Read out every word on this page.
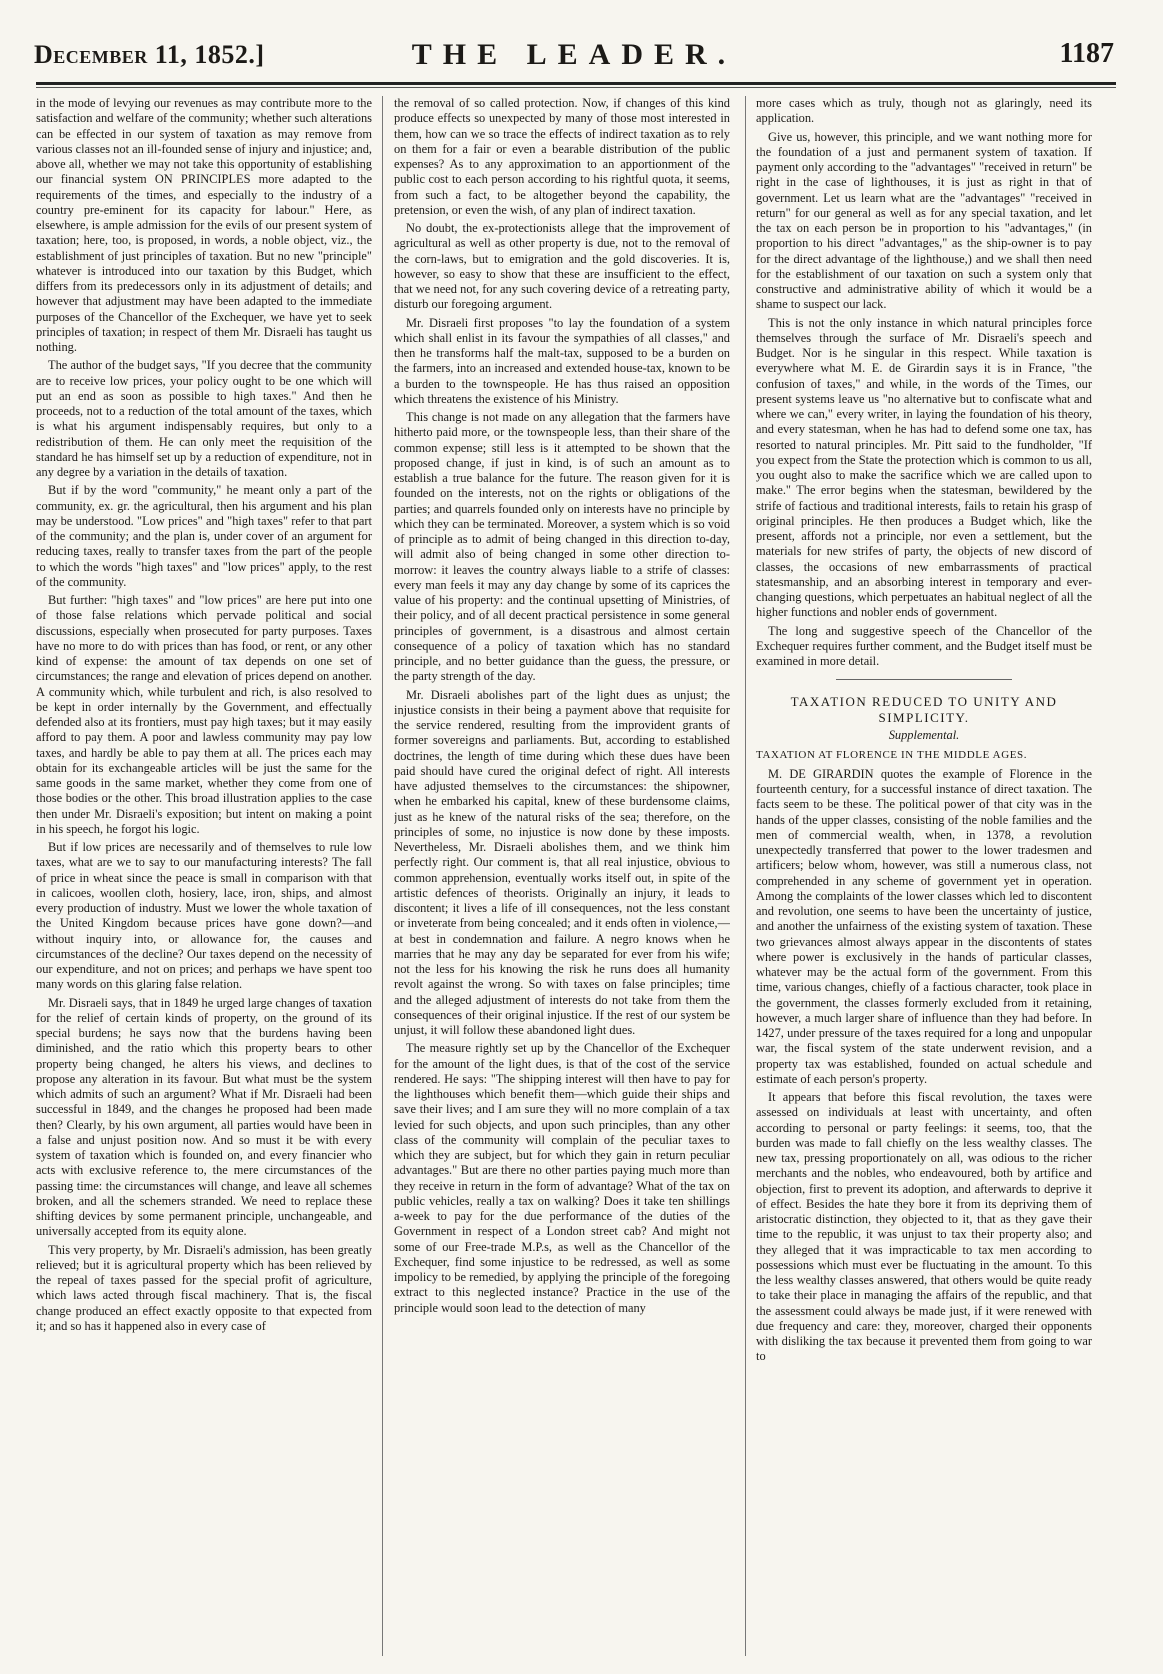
December 11, 1852.]	THE LEADER.	1187

in the mode of levying our revenues as may contribute more to the satisfaction and welfare of the community; whether such alterations can be effected in our system of taxation as may remove from various classes not an ill-founded sense of injury and injustice; and, above all, whether we may not take this opportunity of establishing our financial system ON PRINCIPLES more adapted to the requirements of the times, and especially to the industry of a country pre-eminent for its capacity for labour." Here, as elsewhere, is ample admission for the evils of our present system of taxation; here, too, is proposed, in words, a noble object, viz., the establishment of just principles of taxation. But no new "principle" whatever is introduced into our taxation by this Budget, which differs from its predecessors only in its adjustment of details; and however that adjustment may have been adapted to the immediate purposes of the Chancellor of the Exchequer, we have yet to seek principles of taxation; in respect of them Mr. Disraeli has taught us nothing.

The author of the budget says, "If you decree that the community are to receive low prices, your policy ought to be one which will put an end as soon as possible to high taxes." And then he proceeds, not to a reduction of the total amount of the taxes, which is what his argument indispensably requires, but only to a redistribution of them. He can only meet the requisition of the standard he has himself set up by a reduction of expenditure, not in any degree by a variation in the details of taxation.

But if by the word "community," he meant only a part of the community, ex. gr. the agricultural, then his argument and his plan may be understood. "Low prices" and "high taxes" refer to that part of the community; and the plan is, under cover of an argument for reducing taxes, really to transfer taxes from the part of the people to which the words "high taxes" and "low prices" apply, to the rest of the community.

But further: "high taxes" and "low prices" are here put into one of those false relations which pervade political and social discussions, especially when prosecuted for party purposes. Taxes have no more to do with prices than has food, or rent, or any other kind of expense: the amount of tax depends on one set of circumstances; the range and elevation of prices depend on another. A community which, while turbulent and rich, is also resolved to be kept in order internally by the Government, and effectually defended also at its frontiers, must pay high taxes; but it may easily afford to pay them. A poor and lawless community may pay low taxes, and hardly be able to pay them at all. The prices each may obtain for its exchangeable articles will be just the same for the same goods in the same market, whether they come from one of those bodies or the other. This broad illustration applies to the case then under Mr. Disraeli's exposition; but intent on making a point in his speech, he forgot his logic.

But if low prices are necessarily and of themselves to rule low taxes, what are we to say to our manufacturing interests? The fall of price in wheat since the peace is small in comparison with that in calicoes, woollen cloth, hosiery, lace, iron, ships, and almost every production of industry. Must we lower the whole taxation of the United Kingdom because prices have gone down?—and without inquiry into, or allowance for, the causes and circumstances of the decline? Our taxes depend on the necessity of our expenditure, and not on prices; and perhaps we have spent too many words on this glaring false relation.

Mr. Disraeli says, that in 1849 he urged large changes of taxation for the relief of certain kinds of property, on the ground of its special burdens; he says now that the burdens having been diminished, and the ratio which this property bears to other property being changed, he alters his views, and declines to propose any alteration in its favour. But what must be the system which admits of such an argument? What if Mr. Disraeli had been successful in 1849, and the changes he proposed had been made then? Clearly, by his own argument, all parties would have been in a false and unjust position now. And so must it be with every system of taxation which is founded on, and every financier who acts with exclusive reference to, the mere circumstances of the passing time: the circumstances will change, and leave all schemes broken, and all the schemers stranded. We need to replace these shifting devices by some permanent principle, unchangeable, and universally accepted from its equity alone.

This very property, by Mr. Disraeli's admission, has been greatly relieved; but it is agricultural property which has been relieved by the repeal of taxes passed for the special profit of agriculture, which laws acted through fiscal machinery. That is, the fiscal change produced an effect exactly opposite to that expected from it; and so has it happened also in every case of

the removal of so called protection. Now, if changes of this kind produce effects so unexpected by many of those most interested in them, how can we so trace the effects of indirect taxation as to rely on them for a fair or even a bearable distribution of the public expenses? As to any approximation to an apportionment of the public cost to each person according to his rightful quota, it seems, from such a fact, to be altogether beyond the capability, the pretension, or even the wish, of any plan of indirect taxation.

No doubt, the ex-protectionists allege that the improvement of agricultural as well as other property is due, not to the removal of the corn-laws, but to emigration and the gold discoveries. It is, however, so easy to show that these are insufficient to the effect, that we need not, for any such covering device of a retreating party, disturb our foregoing argument.

Mr. Disraeli first proposes "to lay the foundation of a system which shall enlist in its favour the sympathies of all classes," and then he transforms half the malt-tax, supposed to be a burden on the farmers, into an increased and extended house-tax, known to be a burden to the townspeople. He has thus raised an opposition which threatens the existence of his Ministry.

This change is not made on any allegation that the farmers have hitherto paid more, or the townspeople less, than their share of the common expense; still less is it attempted to be shown that the proposed change, if just in kind, is of such an amount as to establish a true balance for the future. The reason given for it is founded on the interests, not on the rights or obligations of the parties; and quarrels founded only on interests have no principle by which they can be terminated. Moreover, a system which is so void of principle as to admit of being changed in this direction to-day, will admit also of being changed in some other direction to-morrow: it leaves the country always liable to a strife of classes: every man feels it may any day change by some of its caprices the value of his property: and the continual upsetting of Ministries, of their policy, and of all decent practical persistence in some general principles of government, is a disastrous and almost certain consequence of a policy of taxation which has no standard principle, and no better guidance than the guess, the pressure, or the party strength of the day.

Mr. Disraeli abolishes part of the light dues as unjust; the injustice consists in their being a payment above that requisite for the service rendered, resulting from the improvident grants of former sovereigns and parliaments. But, according to established doctrines, the length of time during which these dues have been paid should have cured the original defect of right. All interests have adjusted themselves to the circumstances: the shipowner, when he embarked his capital, knew of these burdensome claims, just as he knew of the natural risks of the sea; therefore, on the principles of some, no injustice is now done by these imposts. Nevertheless, Mr. Disraeli abolishes them, and we think him perfectly right. Our comment is, that all real injustice, obvious to common apprehension, eventually works itself out, in spite of the artistic defences of theorists. Originally an injury, it leads to discontent; it lives a life of ill consequences, not the less constant or inveterate from being concealed; and it ends often in violence,—at best in condemnation and failure. A negro knows when he marries that he may any day be separated for ever from his wife; not the less for his knowing the risk he runs does all humanity revolt against the wrong. So with taxes on false principles; time and the alleged adjustment of interests do not take from them the consequences of their original injustice. If the rest of our system be unjust, it will follow these abandoned light dues.

The measure rightly set up by the Chancellor of the Exchequer for the amount of the light dues, is that of the cost of the service rendered. He says: "The shipping interest will then have to pay for the lighthouses which benefit them—which guide their ships and save their lives; and I am sure they will no more complain of a tax levied for such objects, and upon such principles, than any other class of the community will complain of the peculiar taxes to which they are subject, but for which they gain in return peculiar advantages." But are there no other parties paying much more than they receive in return in the form of advantage? What of the tax on public vehicles, really a tax on walking? Does it take ten shillings a-week to pay for the due performance of the duties of the Government in respect of a London street cab? And might not some of our Free-trade M.P.s, as well as the Chancellor of the Exchequer, find some injustice to be redressed, as well as some impolicy to be remedied, by applying the principle of the foregoing extract to this neglected instance? Practice in the use of the principle would soon lead to the detection of many

more cases which as truly, though not as glaringly, need its application.

Give us, however, this principle, and we want nothing more for the foundation of a just and permanent system of taxation. If payment only according to the "advantages" "received in return" be right in the case of lighthouses, it is just as right in that of government. Let us learn what are the "advantages" "received in return" for our general as well as for any special taxation, and let the tax on each person be in proportion to his "advantages," (in proportion to his direct "advantages," as the ship-owner is to pay for the direct advantage of the lighthouse,) and we shall then need for the establishment of our taxation on such a system only that constructive and administrative ability of which it would be a shame to suspect our lack.

This is not the only instance in which natural principles force themselves through the surface of Mr. Disraeli's speech and Budget. Nor is he singular in this respect. While taxation is everywhere what M. E. de Girardin says it is in France, "the confusion of taxes," and while, in the words of the Times, our present systems leave us "no alternative but to confiscate what and where we can," every writer, in laying the foundation of his theory, and every statesman, when he has had to defend some one tax, has resorted to natural principles. Mr. Pitt said to the fundholder, "If you expect from the State the protection which is common to us all, you ought also to make the sacrifice which we are called upon to make." The error begins when the statesman, bewildered by the strife of factious and traditional interests, fails to retain his grasp of original principles. He then produces a Budget which, like the present, affords not a principle, nor even a settlement, but the materials for new strifes of party, the objects of new discord of classes, the occasions of new embarrassments of practical statesmanship, and an absorbing interest in temporary and ever-changing questions, which perpetuates an habitual neglect of all the higher functions and nobler ends of government.

The long and suggestive speech of the Chancellor of the Exchequer requires further comment, and the Budget itself must be examined in more detail.

TAXATION REDUCED TO UNITY AND SIMPLICITY.

Supplemental.

TAXATION AT FLORENCE IN THE MIDDLE AGES.

M. DE GIRARDIN quotes the example of Florence in the fourteenth century, for a successful instance of direct taxation. The facts seem to be these. The political power of that city was in the hands of the upper classes, consisting of the noble families and the men of commercial wealth, when, in 1378, a revolution unexpectedly transferred that power to the lower tradesmen and artificers; below whom, however, was still a numerous class, not comprehended in any scheme of government yet in operation. Among the complaints of the lower classes which led to discontent and revolution, one seems to have been the uncertainty of justice, and another the unfairness of the existing system of taxation. These two grievances almost always appear in the discontents of states where power is exclusively in the hands of particular classes, whatever may be the actual form of the government. From this time, various changes, chiefly of a factious character, took place in the government, the classes formerly excluded from it retaining, however, a much larger share of influence than they had before. In 1427, under pressure of the taxes required for a long and unpopular war, the fiscal system of the state underwent revision, and a property tax was established, founded on actual schedule and estimate of each person's property.

It appears that before this fiscal revolution, the taxes were assessed on individuals at least with uncertainty, and often according to personal or party feelings: it seems, too, that the burden was made to fall chiefly on the less wealthy classes. The new tax, pressing proportionately on all, was odious to the richer merchants and the nobles, who endeavoured, both by artifice and objection, first to prevent its adoption, and afterwards to deprive it of effect. Besides the hate they bore it from its depriving them of aristocratic distinction, they objected to it, that as they gave their time to the republic, it was unjust to tax their property also; and they alleged that it was impracticable to tax men according to possessions which must ever be fluctuating in the amount. To this the less wealthy classes answered, that others would be quite ready to take their place in managing the affairs of the republic, and that the assessment could always be made just, if it were renewed with due frequency and care: they, moreover, charged their opponents with disliking the tax because it prevented them from going to war to
